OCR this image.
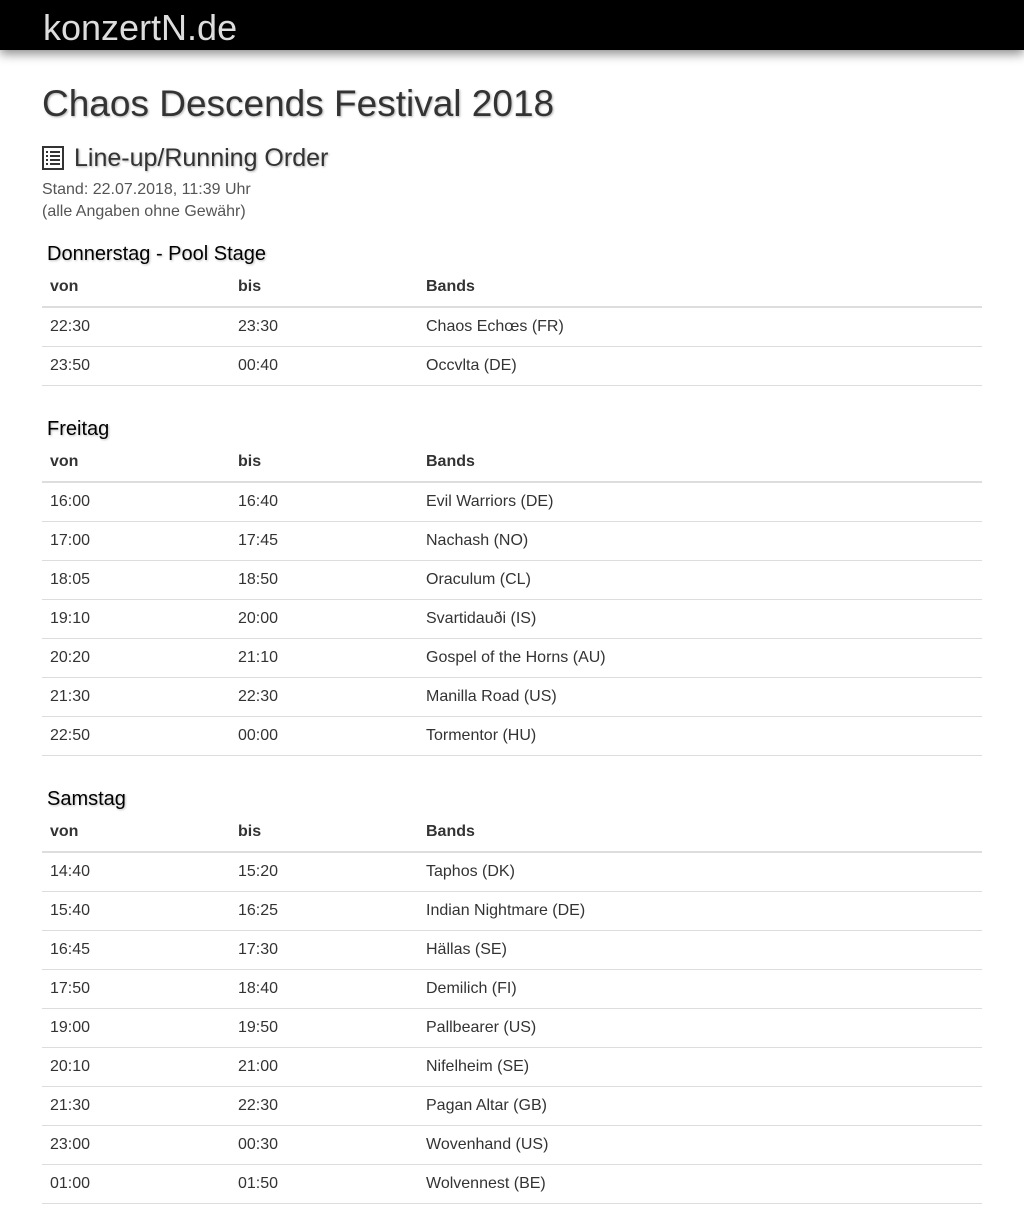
konzertN.de
Chaos Descends Festival 2018
Line-up/Running Order
Stand: 22.07.2018, 11:39 Uhr
(alle Angaben ohne Gewähr)
Donnerstag - Pool Stage
von	bis	Bands
22:30	23:30	Chaos Echœs (FR)
23:50	00:40	Occvlta (DE)
Freitag
von	bis	Bands
16:00	16:40	Evil Warriors (DE)
17:00	17:45	Nachash (NO)
18:05	18:50	Oraculum (CL)
19:10	20:00	Svartidauði (IS)
20:20	21:10	Gospel of the Horns (AU)
21:30	22:30	Manilla Road (US)
22:50	00:00	Tormentor (HU)
Samstag
von	bis	Bands
14:40	15:20	Taphos (DK)
15:40	16:25	Indian Nightmare (DE)
16:45	17:30	Hällas (SE)
17:50	18:40	Demilich (FI)
19:00	19:50	Pallbearer (US)
20:10	21:00	Nifelheim (SE)
21:30	22:30	Pagan Altar (GB)
23:00	00:30	Wovenhand (US)
01:00	01:50	Wolvennest (BE)
